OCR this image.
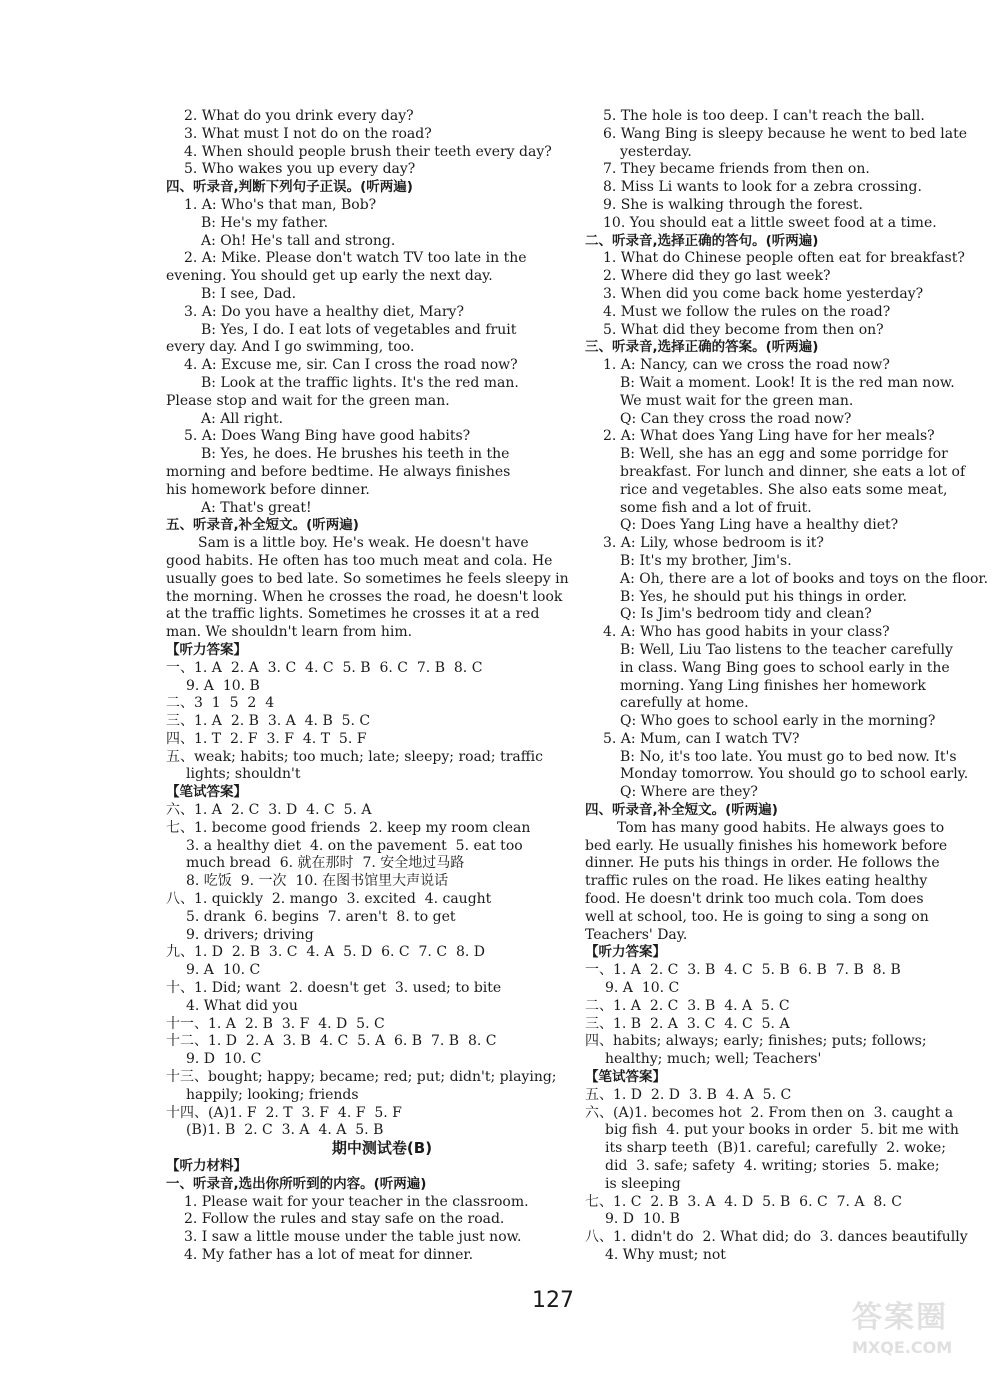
2. What do you drink every day?
3. What must I not do on the road?
4. When should people brush their teeth every day?
5. Who wakes you up every day?
四、听录音,判断下列句子正误。(听两遍)
1. A: Who's that man, Bob?
B: He's my father.
A: Oh! He's tall and strong.
2. A: Mike. Please don't watch TV too late in the
evening. You should get up early the next day.
B: I see, Dad.
3. A: Do you have a healthy diet, Mary?
B: Yes, I do. I eat lots of vegetables and fruit
every day. And I go swimming, too.
4. A: Excuse me, sir. Can I cross the road now?
B: Look at the traffic lights. It's the red man.
Please stop and wait for the green man.
A: All right.
5. A: Does Wang Bing have good habits?
B: Yes, he does. He brushes his teeth in the
morning and before bedtime. He always finishes
his homework before dinner.
A: That's great!
五、听录音,补全短文。(听两遍)
Sam is a little boy. He's weak. He doesn't have
good habits. He often has too much meat and cola. He
usually goes to bed late. So sometimes he feels sleepy in
the morning. When he crosses the road, he doesn't look
at the traffic lights. Sometimes he crosses it at a red
man. We shouldn't learn from him.
【听力答案】
一、1. A  2. A  3. C  4. C  5. B  6. C  7. B  8. C
9. A  10. B
二、3  1  5  2  4
三、1. A  2. B  3. A  4. B  5. C
四、1. T  2. F  3. F  4. T  5. F
五、weak; habits; too much; late; sleepy; road; traffic
lights; shouldn't
【笔试答案】
六、1. A  2. C  3. D  4. C  5. A
七、1. become good friends  2. keep my room clean
3. a healthy diet  4. on the pavement  5. eat too
much bread  6. 就在那时  7. 安全地过马路
8. 吃饭  9. 一次  10. 在图书馆里大声说话
八、1. quickly  2. mango  3. excited  4. caught
5. drank  6. begins  7. aren't  8. to get
9. drivers; driving
九、1. D  2. B  3. C  4. A  5. D  6. C  7. C  8. D
9. A  10. C
十、1. Did; want  2. doesn't get  3. used; to bite
4. What did you
十一、1. A  2. B  3. F  4. D  5. C
十二、1. D  2. A  3. B  4. C  5. A  6. B  7. B  8. C
9. D  10. C
十三、bought; happy; became; red; put; didn't; playing;
happily; looking; friends
十四、(A)1. F  2. T  3. F  4. F  5. F
(B)1. B  2. C  3. A  4. A  5. B
期中测试卷(B)
【听力材料】
一、听录音,选出你所听到的内容。(听两遍)
1. Please wait for your teacher in the classroom.
2. Follow the rules and stay safe on the road.
3. I saw a little mouse under the table just now.
4. My father has a lot of meat for dinner.
5. The hole is too deep. I can't reach the ball.
6. Wang Bing is sleepy because he went to bed late
yesterday.
7. They became friends from then on.
8. Miss Li wants to look for a zebra crossing.
9. She is walking through the forest.
10. You should eat a little sweet food at a time.
二、听录音,选择正确的答句。(听两遍)
1. What do Chinese people often eat for breakfast?
2. Where did they go last week?
3. When did you come back home yesterday?
4. Must we follow the rules on the road?
5. What did they become from then on?
三、听录音,选择正确的答案。(听两遍)
1. A: Nancy, can we cross the road now?
B: Wait a moment. Look! It is the red man now.
We must wait for the green man.
Q: Can they cross the road now?
2. A: What does Yang Ling have for her meals?
B: Well, she has an egg and some porridge for
breakfast. For lunch and dinner, she eats a lot of
rice and vegetables. She also eats some meat,
some fish and a lot of fruit.
Q: Does Yang Ling have a healthy diet?
3. A: Lily, whose bedroom is it?
B: It's my brother, Jim's.
A: Oh, there are a lot of books and toys on the floor.
B: Yes, he should put his things in order.
Q: Is Jim's bedroom tidy and clean?
4. A: Who has good habits in your class?
B: Well, Liu Tao listens to the teacher carefully
in class. Wang Bing goes to school early in the
morning. Yang Ling finishes her homework
carefully at home.
Q: Who goes to school early in the morning?
5. A: Mum, can I watch TV?
B: No, it's too late. You must go to bed now. It's
Monday tomorrow. You should go to school early.
Q: Where are they?
四、听录音,补全短文。(听两遍)
Tom has many good habits. He always goes to
bed early. He usually finishes his homework before
dinner. He puts his things in order. He follows the
traffic rules on the road. He likes eating healthy
food. He doesn't drink too much cola. Tom does
well at school, too. He is going to sing a song on
Teachers' Day.
【听力答案】
一、1. A  2. C  3. B  4. C  5. B  6. B  7. B  8. B
9. A  10. C
二、1. A  2. C  3. B  4. A  5. C
三、1. B  2. A  3. C  4. C  5. A
四、habits; always; early; finishes; puts; follows;
healthy; much; well; Teachers'
【笔试答案】
五、1. D  2. D  3. B  4. A  5. C
六、(A)1. becomes hot  2. From then on  3. caught a
big fish  4. put your books in order  5. bit me with
its sharp teeth  (B)1. careful; carefully  2. woke;
did  3. safe; safety  4. writing; stories  5. make;
is sleeping
七、1. C  2. B  3. A  4. D  5. B  6. C  7. A  8. C
9. D  10. B
八、1. didn't do  2. What did; do  3. dances beautifully
4. Why must; not
127	答案圈
MXQE.COM
